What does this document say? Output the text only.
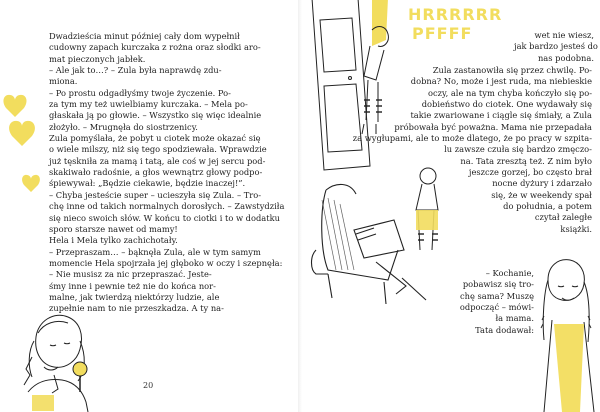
Dwadzieścia minut później cały dom wypełnił
cudowny zapach kurczaka z rożna oraz słodki aro-
mat pieczonych jabłek.
– Ale jak to…? – Zula była naprawdę zdu-
miona.
– Po prostu odgadłyśmy twoje życzenie. Po-
za tym my też uwielbiamy kurczaka. – Mela po-
głaskała ją po głowie. – Wszystko się więc idealnie
złożyło. – Mrugnęła do siostrzenicy.
Zula pomyślała, że pobyt u ciotek może okazać się
o wiele milszy, niż się tego spodziewała. Wprawdzie
już tęskniła za mamą i tatą, ale coś w jej sercu pod-
skakiwało radośnie, a głos wewnątrz głowy podpo-
śpiewywał: „Będzie ciekawie, będzie inaczej!”.
– Chyba jesteście super – ucieszyła się Zula. – Tro-
chę inne od takich normalnych dorosłych. – Zawstydziła
się nieco swoich słów. W końcu to ciotki i to w dodatku
sporo starsze nawet od mamy!
Hela i Mela tylko zachichotały.
– Przepraszam… – bąknęła Zula, ale w tym samym
momencie Hela spojrzała jej głęboko w oczy i szepnęła:
– Nie musisz za nic przepraszać. Jeste-
śmy inne i pewnie też nie do końca nor-
malne, jak twierdzą niektórzy ludzie, ale
zupełnie nam to nie przeszkadza. A ty na-
20
HRRRRRR
PFFFF	wet nie wiesz,
jak bardzo jesteś do
nas podobna.
Zula zastanowiła się przez chwilę. Po-
dobna? No, może i jest ruda, ma niebieskie
oczy, ale na tym chyba kończyło się po-
dobieństwo do ciotek. One wydawały się
takie zwariowane i ciągle się śmiały, a Zula
próbowała być poważna. Mama nie przepadała
za wygłupami, ale to może dlatego, że po pracy w szpita-
lu zawsze czuła się bardzo zmęczo-
na. Tata zresztą też. Z nim było
jeszcze gorzej, bo często brał
nocne dyżury i zdarzało
się, że w weekendy spał
do południa, a potem
czytał zaległe
książki.
– Kochanie,
pobawisz się tro-
chę sama? Muszę
odpocząć – mówi-
ła mama.
Tata dodawał:
